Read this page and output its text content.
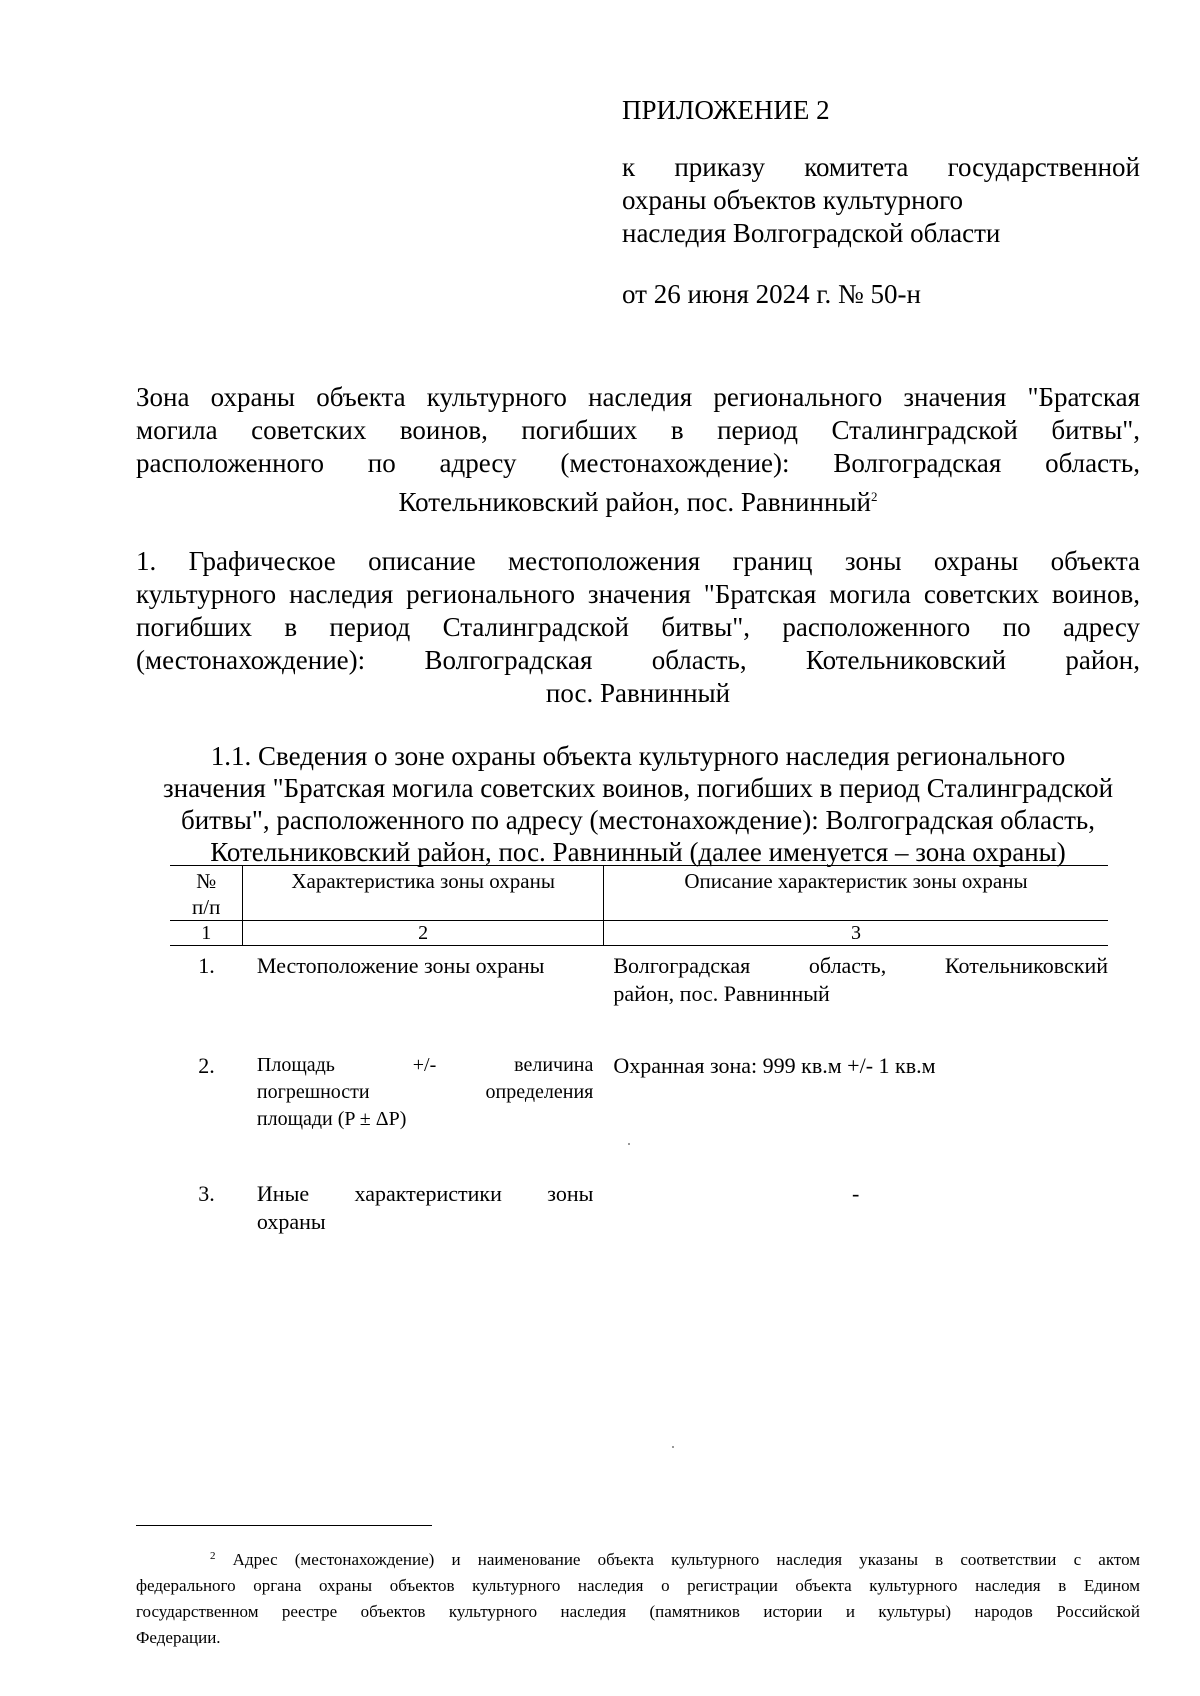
ПРИЛОЖЕНИЕ 2
к приказу комитета государственной
охраны объектов культурного
наследия Волгоградской области
от 26 июня 2024 г. № 50-н
Зона охраны объекта культурного наследия регионального значения "Братская
могила советских воинов, погибших в период Сталинградской битвы",
расположенного по адресу (местонахождение): Волгоградская область,
Котельниковский район, пос. Равнинный$^2$
1. Графическое описание местоположения границ зоны охраны объекта
культурного наследия регионального значения "Братская могила советских воинов,
погибших в период Сталинградской битвы", расположенного по адресу
(местонахождение): Волгоградская область, Котельниковский район,
пос. Равнинный
1.1. Сведения о зоне охраны объекта культурного наследия регионального
значения "Братская могила советских воинов, погибших в период Сталинградской
битвы", расположенного по адресу (местонахождение): Волгоградская область,
Котельниковский район, пос. Равнинный (далее именуется – зона охраны)
№
п/п	Характеристика зоны охраны	Описание характеристик зоны охраны
1	2	3
1.	Местоположение зоны охраны	Волгоградская область, Котельниковский
район, пос. Равнинный

2.	Площадь +/- величина
погрешности определения
площади (P ± ΔP)	Охранная зона: 999 кв.м +/- 1 кв.м
3.	Иные характеристики зоны
охраны	-
$^2$ Адрес (местонахождение) и наименование объекта культурного наследия указаны в соответствии с актом
федерального органа охраны объектов культурного наследия о регистрации объекта культурного наследия в Едином
государственном реестре объектов культурного наследия (памятников истории и культуры) народов Российской
Федерации.
